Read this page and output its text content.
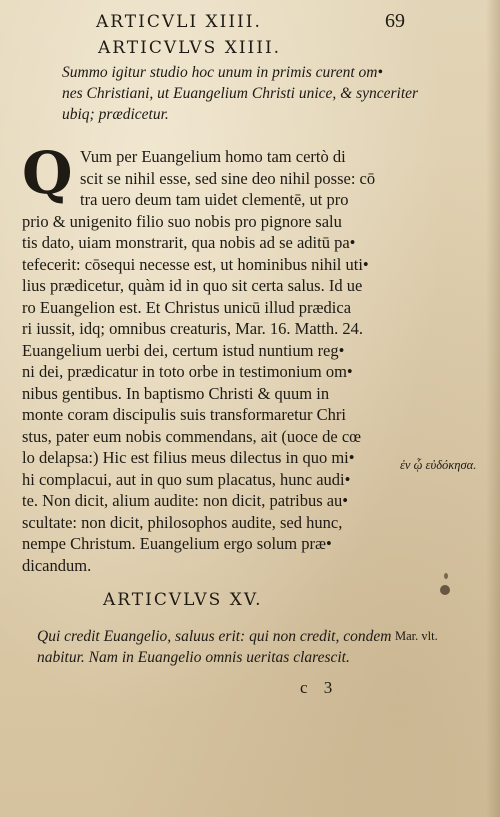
ARTICVLI XIIII.	69
ARTICVLVS XIIII.
Summo igitur studio hoc unum in primis curent om•
nes Christiani, ut Euangelium Christi unice, & synceriter
ubiq; prædicetur.
Q Vum per Euangelium homo tam certò di
scit se nihil esse, sed sine deo nihil posse: cō
tra uero deum tam uidet clementē, ut pro
prio & unigenito filio suo nobis pro pignore salu
tis dato, uiam monstrarit, qua nobis ad se aditū pa•
tefecerit: cōsequi necesse est, ut hominibus nihil uti•
lius prædicetur, quàm id in quo sit certa salus. Id ue
ro Euangelion est. Et Christus unicū illud prædica
ri iussit, idq; omnibus creaturis, Mar. 16. Matth. 24.
Euangelium uerbi dei, certum istud nuntium reg•
ni dei, prædicatur in toto orbe in testimonium om•
nibus gentibus. In baptismo Christi & quum in
monte coram discipulis suis transformaretur Chri
stus, pater eum nobis commendans, ait (uoce de cœ
lo delapsa:) Hic est filius meus dilectus in quo mi•
hi complacui, aut in quo sum placatus, hunc audi•
te. Non dicit, alium audite: non dicit, patribus au•
scultate: non dicit, philosophos audite, sed hunc,
nempe Christum. Euangelium ergo solum præ•
dicandum.
ἐν ᾧ εὐδόκησα.
ARTICVLVS XV.
Qui credit Euangelio, saluus erit: qui non credit, condem
nabitur. Nam in Euangelio omnis ueritas clarescit.
Mar. vlt.
c 3
